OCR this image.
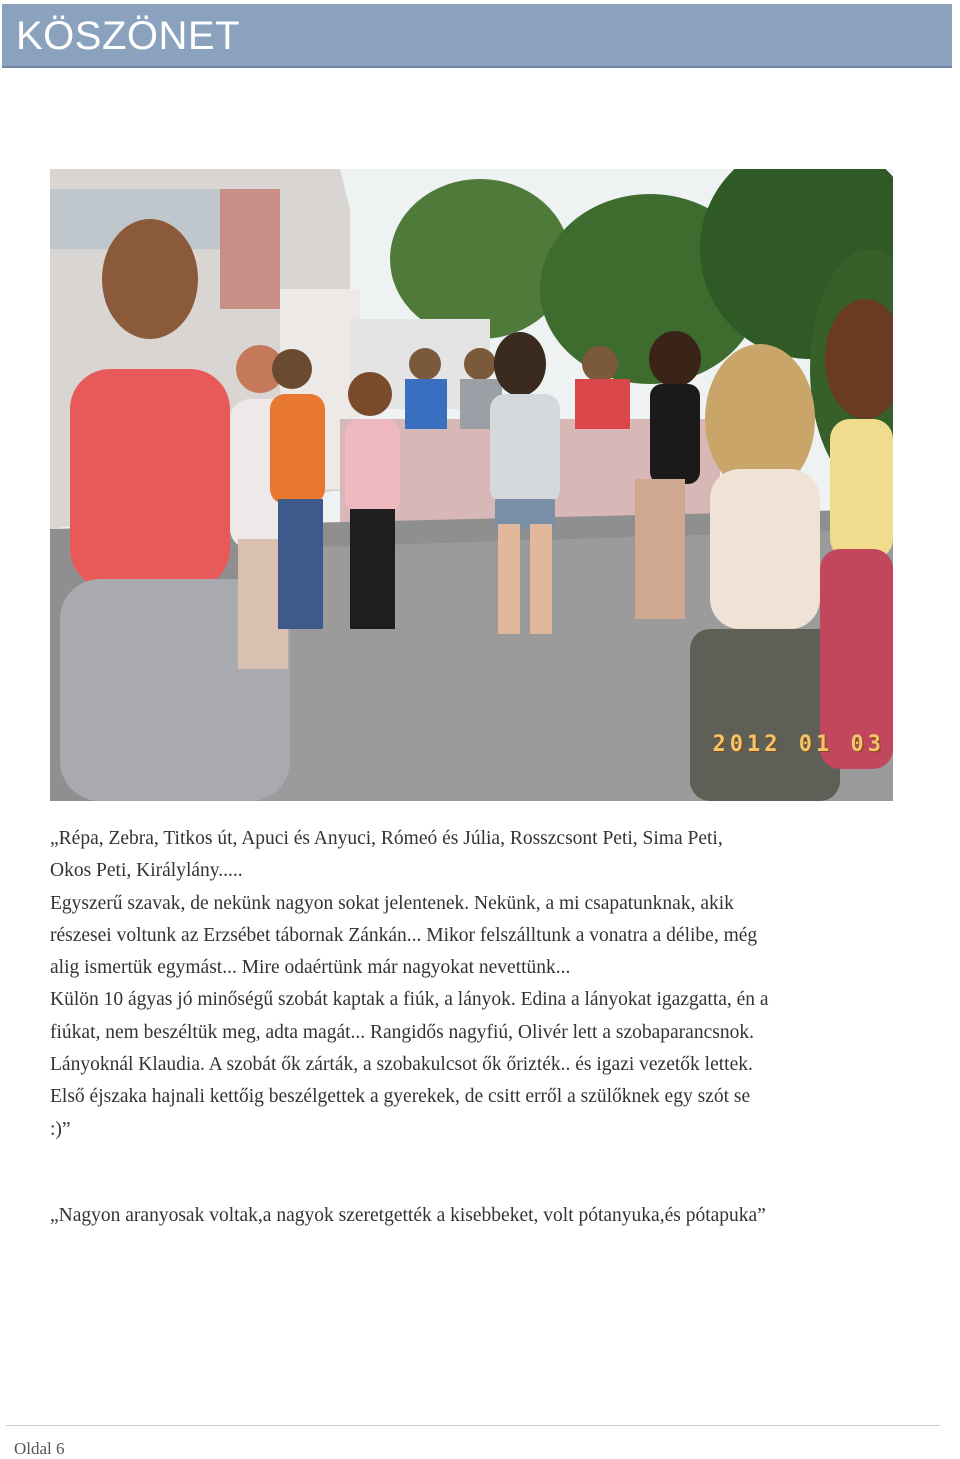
KÖSZÖNET
2012 01 03

„Répa, Zebra, Titkos út, Apuci és Anyuci, Rómeó és Júlia, Rosszcsont Peti, Sima Peti,

Okos Peti, Királylány.....

Egyszerű szavak, de nekünk nagyon sokat jelentenek. Nekünk, a mi csapatunknak, akik

részesei voltunk az Erzsébet tábornak Zánkán... Mikor felszálltunk a vonatra a délibe, még

alig ismertük egymást... Mire odaértünk már nagyokat nevettünk...

Külön 10 ágyas jó minőségű szobát kaptak a fiúk, a lányok. Edina a lányokat igazgatta, én a

fiúkat, nem beszéltük meg, adta magát... Rangidős nagyfiú, Olivér lett a szobaparancsnok.

Lányoknál Klaudia. A szobát ők zárták, a szobakulcsot ők őrizték.. és igazi vezetők lettek.

Első éjszaka hajnali kettőig beszélgettek a gyerekek, de csitt erről a szülőknek egy szót se

:)”

„Nagyon aranyosak voltak,a nagyok szeretgették a kisebbeket, volt pótanyuka,és pótapuka”

Oldal 6
